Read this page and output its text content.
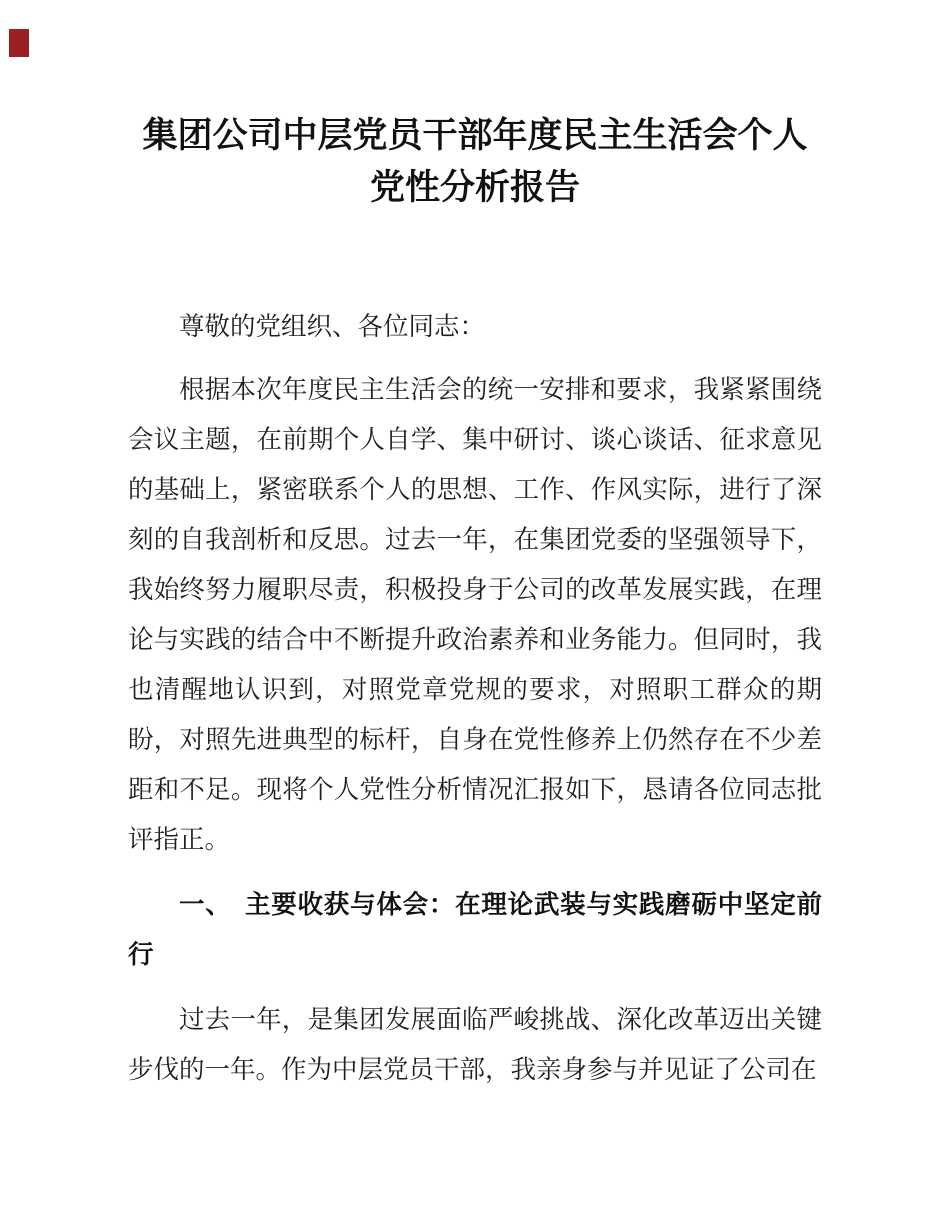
集团公司中层党员干部年度民主生活会个人党性分析报告
尊敬的党组织、各位同志：
根据本次年度民主生活会的统一安排和要求，我紧紧围绕会议主题，在前期个人自学、集中研讨、谈心谈话、征求意见的基础上，紧密联系个人的思想、工作、作风实际，进行了深刻的自我剖析和反思。过去一年，在集团党委的坚强领导下，我始终努力履职尽责，积极投身于公司的改革发展实践，在理论与实践的结合中不断提升政治素养和业务能力。但同时，我也清醒地认识到，对照党章党规的要求，对照职工群众的期盼，对照先进典型的标杆，自身在党性修养上仍然存在不少差距和不足。现将个人党性分析情况汇报如下，恳请各位同志批评指正。
一、　主要收获与体会：在理论武装与实践磨砺中坚定前行
过去一年，是集团发展面临严峻挑战、深化改革迈出关键步伐的一年。作为中层党员干部，我亲身参与并见证了公司在
